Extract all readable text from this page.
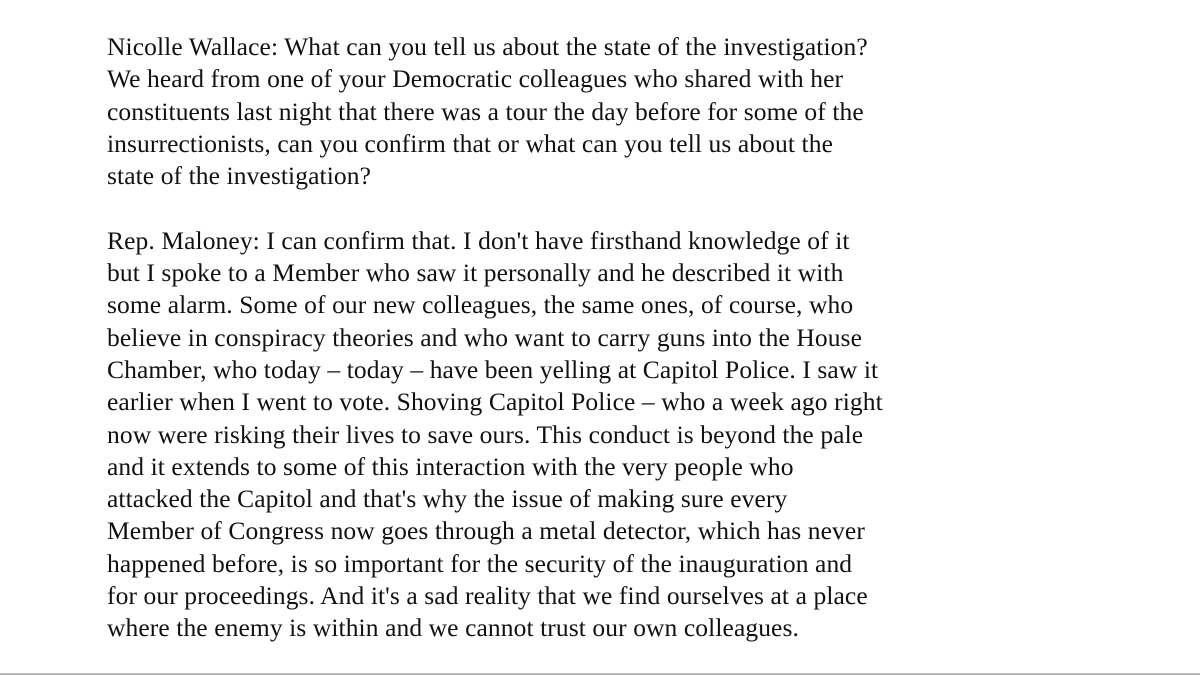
Nicolle Wallace: What can you tell us about the state of the investigation?
We heard from one of your Democratic colleagues who shared with her
constituents last night that there was a tour the day before for some of the
insurrectionists, can you confirm that or what can you tell us about the
state of the investigation?

Rep. Maloney: I can confirm that. I don't have firsthand knowledge of it
but I spoke to a Member who saw it personally and he described it with
some alarm. Some of our new colleagues, the same ones, of course, who
believe in conspiracy theories and who want to carry guns into the House
Chamber, who today – today – have been yelling at Capitol Police. I saw it
earlier when I went to vote. Shoving Capitol Police – who a week ago right
now were risking their lives to save ours. This conduct is beyond the pale
and it extends to some of this interaction with the very people who
attacked the Capitol and that's why the issue of making sure every
Member of Congress now goes through a metal detector, which has never
happened before, is so important for the security of the inauguration and
for our proceedings. And it's a sad reality that we find ourselves at a place
where the enemy is within and we cannot trust our own colleagues.
